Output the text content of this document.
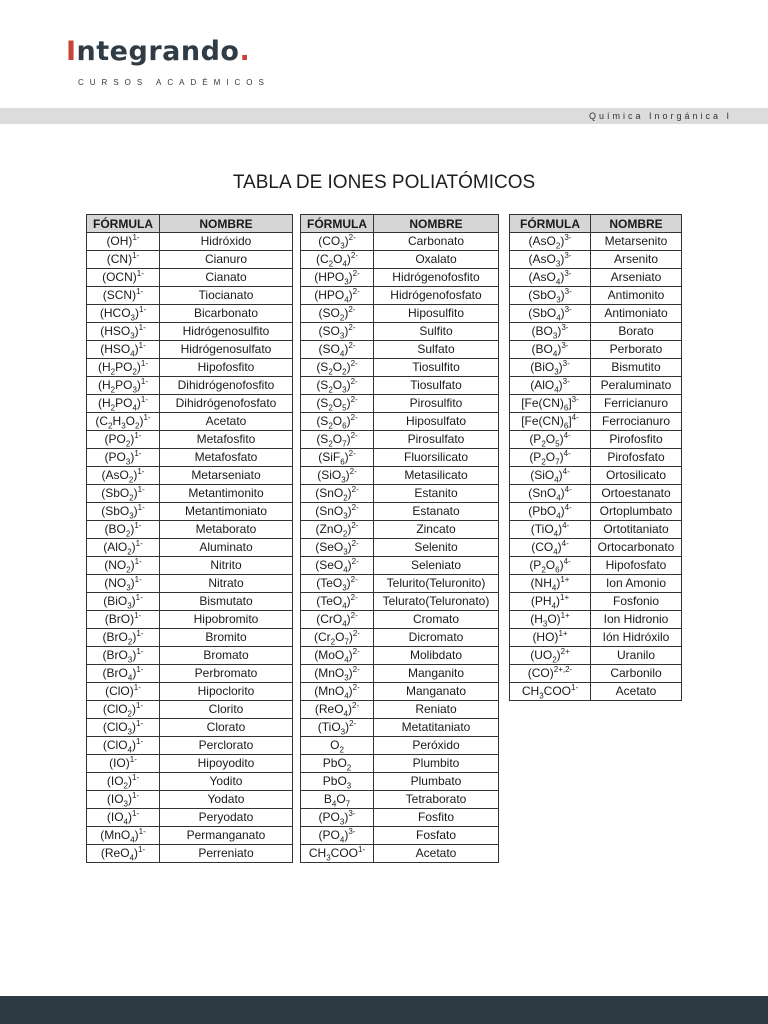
Integrando.
CURSOS ACADÉMICOS
Química Inorgánica I
TABLA DE IONES POLIATÓMICOS
FÓRMULA	NOMBRE
(OH)$^{1-}$	Hidróxido
(CN)$^{1-}$	Cianuro
(OCN)$^{1-}$	Cianato
(SCN)$^{1-}$	Tiocianato
$(HCO_3)^{1-}$	Bicarbonato
$(HSO_3)^{1-}$	Hidrógenosulfito
$(HSO_4)^{1-}$	Hidrógenosulfato
$(H_2PO_2)^{1-}$	Hipofosfito
$(H_2PO_3)^{1-}$	Dihidrógenofosfito
$(H_2PO_4)^{1-}$	Dihidrógenofosfato
$(C_2H_3O_2)^{1-}$	Acetato
$(PO_2)^{1-}$	Metafosfito
$(PO_3)^{1-}$	Metafosfato
$(AsO_2)^{1-}$	Metarseniato
$(SbO_2)^{1-}$	Metantimonito
$(SbO_3)^{1-}$	Metantimoniato
$(BO_2)^{1-}$	Metaborato
$(AlO_2)^{1-}$	Aluminato
$(NO_2)^{1-}$	Nitrito
$(NO_3)^{1-}$	Nitrato
$(BiO_3)^{1-}$	Bismutato
(BrO)$^{1-}$	Hipobromito
$(BrO_2)^{1-}$	Bromito
$(BrO_3)^{1-}$	Bromato
$(BrO_4)^{1-}$	Perbromato
(ClO)$^{1-}$	Hipoclorito
$(ClO_2)^{1-}$	Clorito
$(ClO_3)^{1-}$	Clorato
$(ClO_4)^{1-}$	Perclorato
(IO)$^{1-}$	Hipoyodito
$(IO_2)^{1-}$	Yodito
$(IO_3)^{1-}$	Yodato
$(IO_4)^{1-}$	Peryodato
$(MnO_4)^{1-}$	Permanganato
$(ReO_4)^{1-}$	Perreniato
FÓRMULA	NOMBRE
$(CO_3)^{2-}$	Carbonato
$(C_2O_4)^{2-}$	Oxalato
$(HPO_3)^{2-}$	Hidrógenofosfito
$(HPO_4)^{2-}$	Hidrógenofosfato
$(SO_2)^{2-}$	Hiposulfito
$(SO_3)^{2-}$	Sulfito
$(SO_4)^{2-}$	Sulfato
$(S_2O_2)^{2-}$	Tiosulfito
$(S_2O_3)^{2-}$	Tiosulfato
$(S_2O_5)^{2-}$	Pirosulfito
$(S_2O_6)^{2-}$	Hiposulfato
$(S_2O_7)^{2-}$	Pirosulfato
$(SiF_6)^{2-}$	Fluorsilicato
$(SiO_3)^{2-}$	Metasilicato
$(SnO_2)^{2-}$	Estanito
$(SnO_3)^{2-}$	Estanato
$(ZnO_2)^{2-}$	Zincato
$(SeO_3)^{2-}$	Selenito
$(SeO_4)^{2-}$	Seleniato
$(TeO_3)^{2-}$	Telurito(Teluronito)
$(TeO_4)^{2-}$	Telurato(Teluronato)
$(CrO_4)^{2-}$	Cromato
$(Cr_2O_7)^{2-}$	Dicromato
$(MoO_4)^{2-}$	Molibdato
$(MnO_3)^{2-}$	Manganito
$(MnO_4)^{2-}$	Manganato
$(ReO_4)^{2-}$	Reniato
$(TiO_3)^{2-}$	Metatitaniato
$O_2$	Peróxido
PbO$_2$	Plumbito
PbO$_3$	Plumbato
$B_4O_7$	Tetraborato
$(PO_3)^{3-}$	Fosfito
$(PO_4)^{3-}$	Fosfato
$CH_3COO^{1-}$	Acetato
FÓRMULA	NOMBRE
$(AsO_2)^{3-}$	Metarsenito
$(AsO_3)^{3-}$	Arsenito
$(AsO_4)^{3-}$	Arseniato
$(SbO_3)^{3-}$	Antimonito
$(SbO_4)^{3-}$	Antimoniato
$(BO_3)^{3-}$	Borato
$(BO_4)^{3-}$	Perborato
$(BiO_3)^{3-}$	Bismutito
$(AlO_4)^{3-}$	Peraluminato
$[Fe(CN)_6]^{3-}$	Ferricianuro
$[Fe(CN)_6]^{4-}$	Ferrocianuro
$(P_2O_5)^{4-}$	Pirofosfito
$(P_2O_7)^{4-}$	Pirofosfato
$(SiO_4)^{4-}$	Ortosilicato
$(SnO_4)^{4-}$	Ortoestanato
$(PbO_4)^{4-}$	Ortoplumbato
$(TiO_4)^{4-}$	Ortotitaniato
$(CO_4)^{4-}$	Ortocarbonato
$(P_2O_6)^{4-}$	Hipofosfato
$(NH_4)^{1+}$	Ion Amonio
$(PH_4)^{1+}$	Fosfonio
$(H_3O)^{1+}$	Ion Hidronio
(HO)$^{1+}$	Ión Hidróxilo
$(UO_2)^{2+}$	Uranilo
(CO)$^{2+,2-}$	Carbonilo
$CH_3COO^{1-}$	Acetato
